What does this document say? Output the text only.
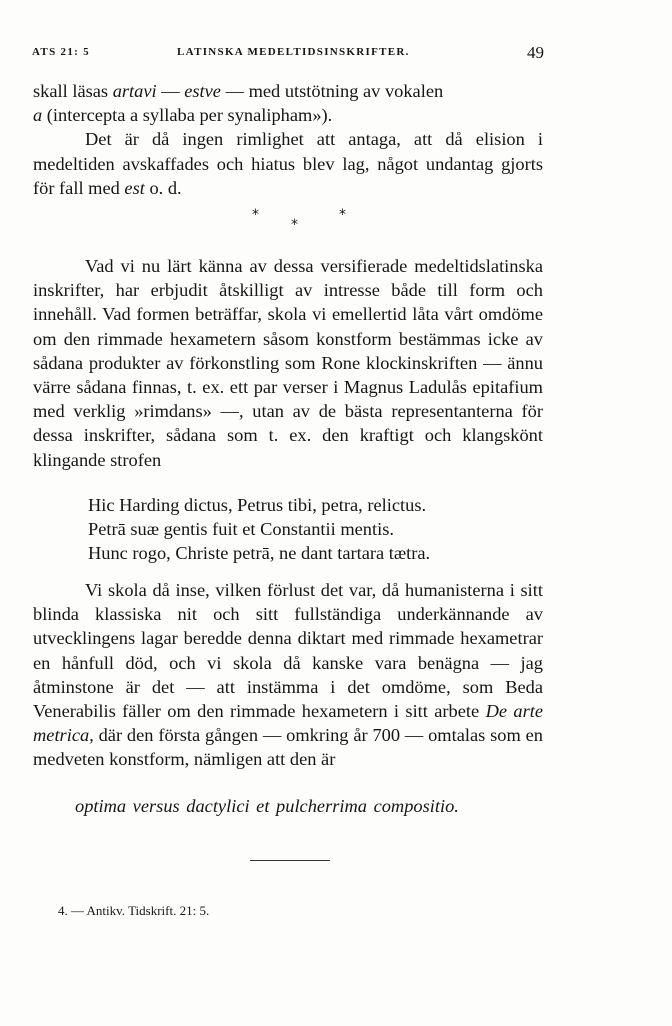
ATS 21: 5	LATINSKA MEDELTIDSINSKRIFTER.	49

skall läsas artavi — estve — med utstötning av vokalen
a (intercepta a syllaba per synalipham»).

Det är då ingen rimlighet att antaga, att då elision i medeltiden avskaffades och hiatus blev lag, något undantag gjorts för fall med est o. d.

*
*
*

Vad vi nu lärt känna av dessa versifierade medeltidslatinska inskrifter, har erbjudit åtskilligt av intresse både till form och innehåll. Vad formen beträffar, skola vi emellertid låta vårt omdöme om den rimmade hexametern såsom konstform bestämmas icke av sådana produkter av förkonstling som Rone klockinskriften — ännu värre sådana finnas, t. ex. ett par verser i Magnus Ladulås epitafium med verklig »rimdans» —, utan av de bästa representanterna för dessa inskrifter, sådana som t. ex. den kraftigt och klangskönt klingande strofen

Hic Harding dictus, Petrus tibi, petra, relictus.
Petrā suæ gentis fuit et Constantii mentis.
Hunc rogo, Christe petrā, ne dant tartara tætra.

Vi skola då inse, vilken förlust det var, då humanisterna i sitt blinda klassiska nit och sitt fullständiga underkännande av utvecklingens lagar beredde denna diktart med rimmade hexametrar en hånfull död, och vi skola då kanske vara benägna — jag åtminstone är det — att instämma i det omdöme, som Beda Venerabilis fäller om den rimmade hexametern i sitt arbete De arte metrica, där den första gången — omkring år 700 — omtalas som en medveten konstform, nämligen att den är

optima versus dactylici et pulcherrima compositio.
4. — Antikv. Tidskrift. 21: 5.
